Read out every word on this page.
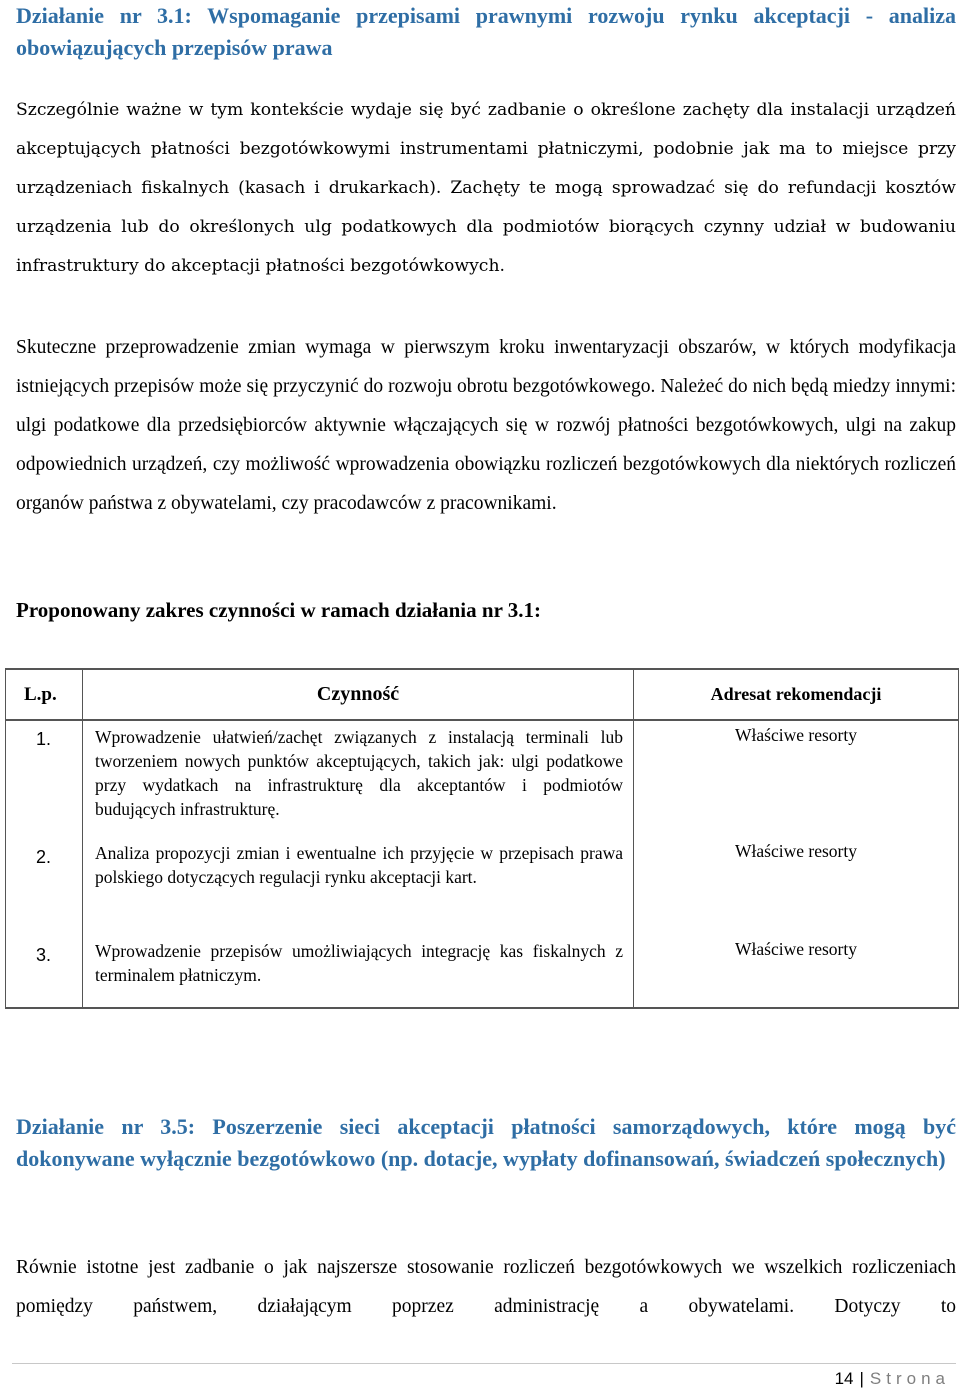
Działanie nr 3.1: Wspomaganie przepisami prawnymi rozwoju rynku akceptacji - analiza obowiązujących przepisów prawa

Szczególnie ważne w tym kontekście wydaje się być zadbanie o określone zachęty dla instalacji urządzeń akceptujących płatności bezgotówkowymi instrumentami płatniczymi, podobnie jak ma to miejsce przy urządzeniach fiskalnych (kasach i drukarkach). Zachęty te mogą sprowadzać się do refundacji kosztów urządzenia lub do określonych ulg podatkowych dla podmiotów biorących czynny udział w budowaniu infrastruktury do akceptacji płatności bezgotówkowych.

Skuteczne przeprowadzenie zmian wymaga w pierwszym kroku inwentaryzacji obszarów, w których modyfikacja istniejących przepisów może się przyczynić do rozwoju obrotu bezgotówkowego. Należeć do nich będą miedzy innymi: ulgi podatkowe dla przedsiębiorców aktywnie włączających się w rozwój płatności bezgotówkowych, ulgi na zakup odpowiednich urządzeń, czy możliwość wprowadzenia obowiązku rozliczeń bezgotówkowych dla niektórych rozliczeń organów państwa z obywatelami, czy pracodawców z pracownikami.

Proponowany zakres czynności w ramach działania nr 3.1:
L.p.	Czynność	Adresat rekomendacji
1.	Wprowadzenie ułatwień/zachęt związanych z instalacją terminali lub tworzeniem nowych punktów akceptujących, takich jak: ulgi podatkowe przy wydatkach na infrastrukturę dla akceptantów i podmiotów budujących infrastrukturę.	Właściwe resorty
2.	Analiza propozycji zmian i ewentualne ich przyjęcie w przepisach prawa polskiego dotyczących regulacji rynku akceptacji kart.	Właściwe resorty
3.	Wprowadzenie przepisów umożliwiających integrację kas fiskalnych z terminalem płatniczym.	Właściwe resorty
Działanie nr 3.5: Poszerzenie sieci akceptacji płatności samorządowych, które mogą być dokonywane wyłącznie bezgotówkowo (np. dotacje, wypłaty dofinansowań, świadczeń społecznych)

Równie istotne jest zadbanie o jak najszersze stosowanie rozliczeń bezgotówkowych we wszelkich rozliczeniach pomiędzy państwem, działającym poprzez administrację a obywatelami. Dotyczy to

14 | Strona
